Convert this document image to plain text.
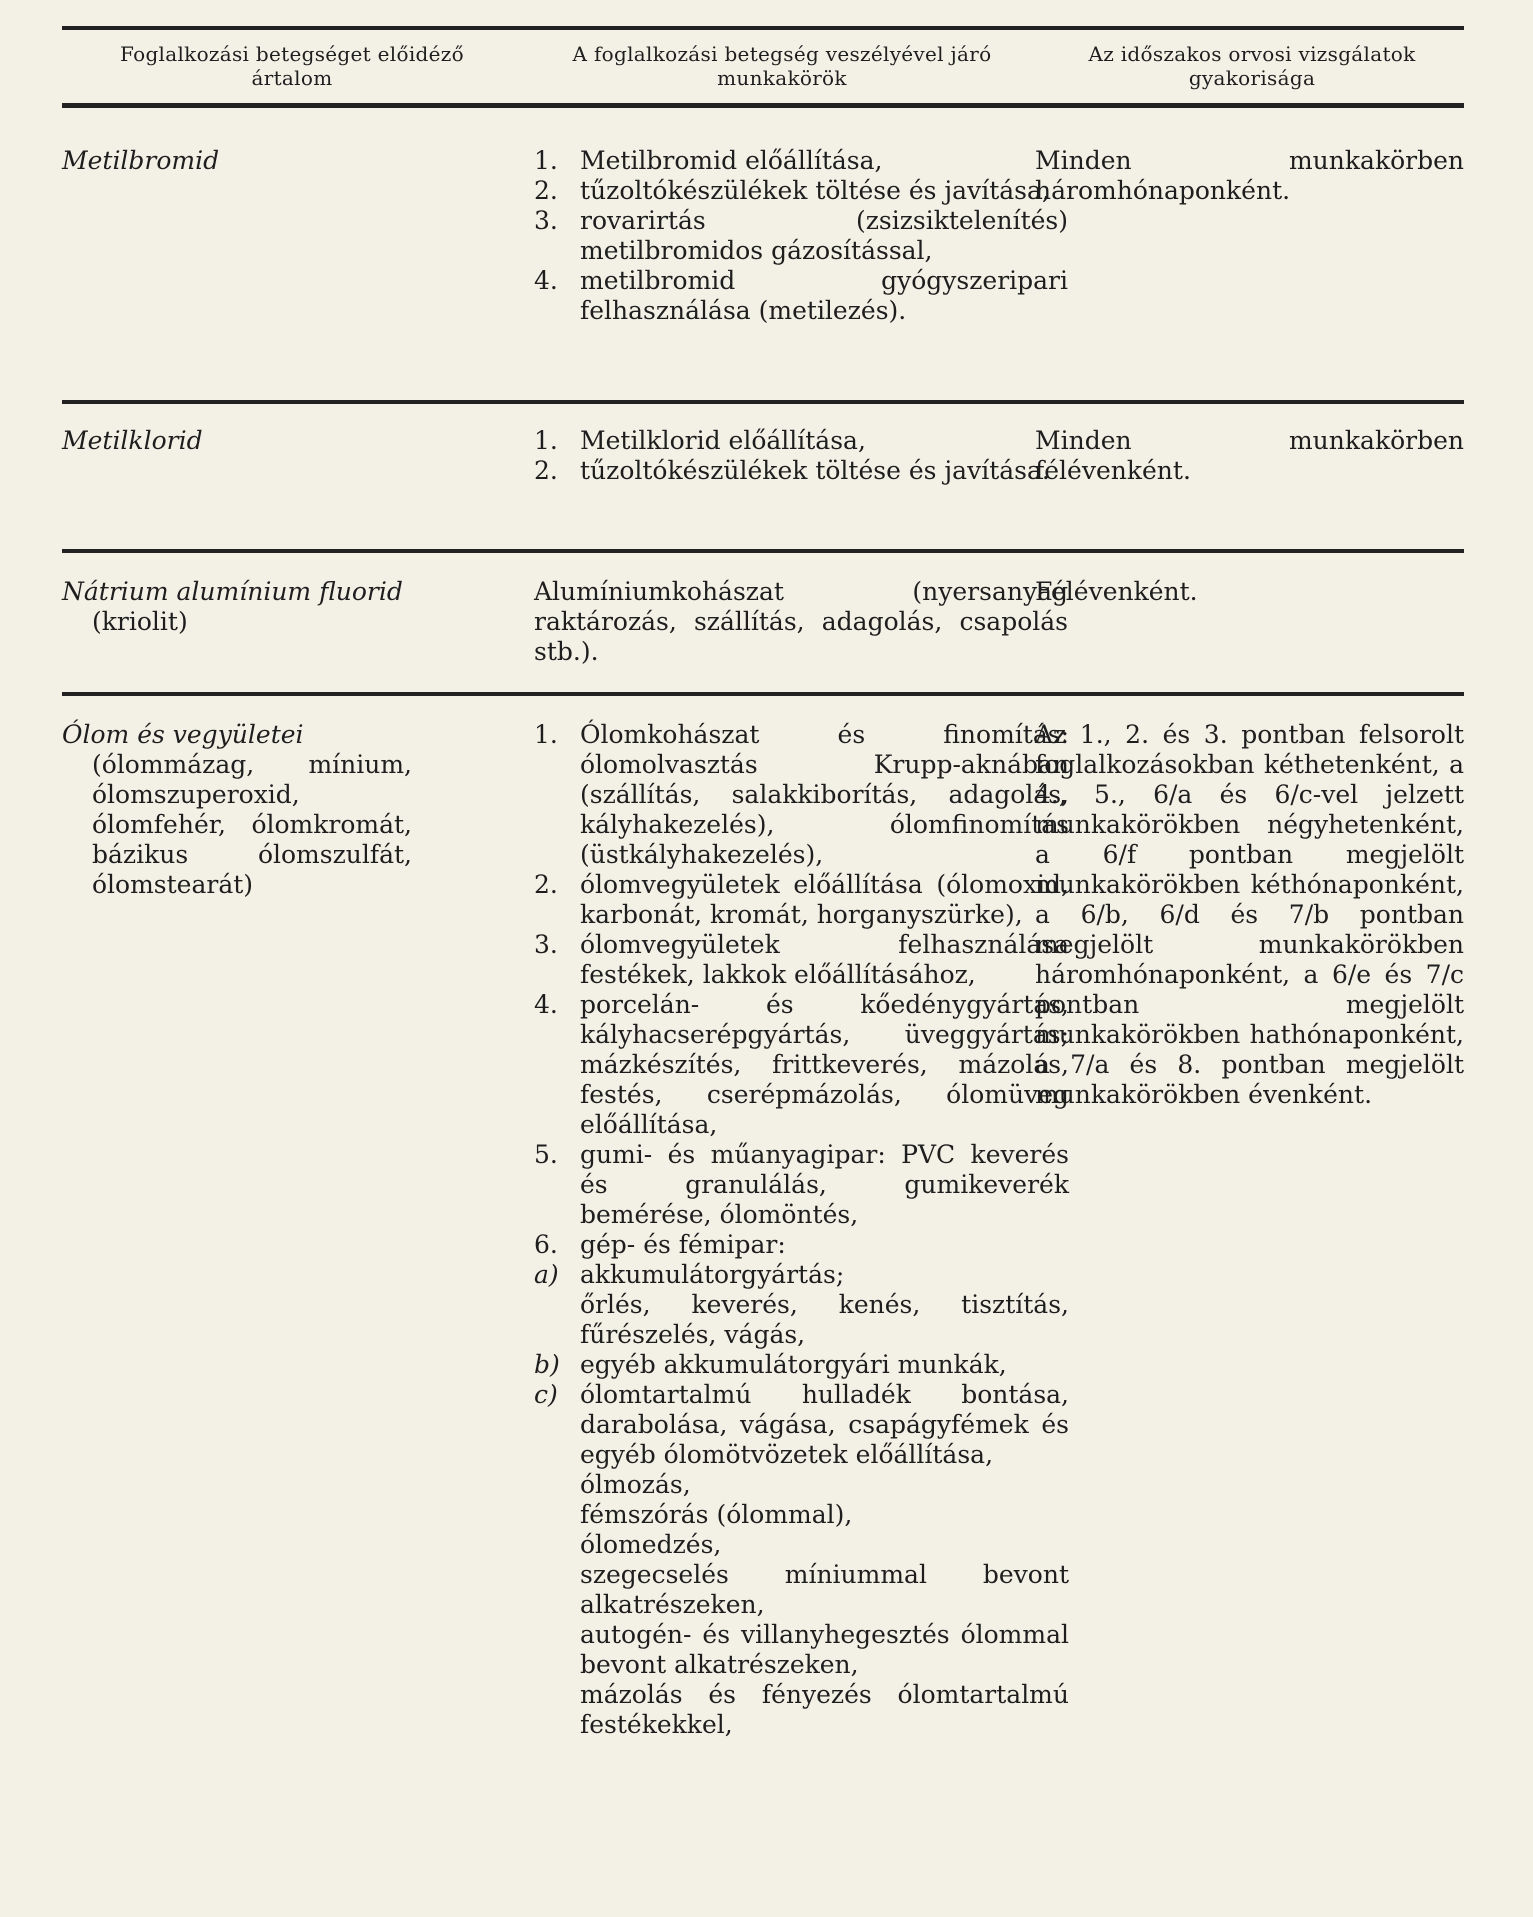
Foglalkozási betegséget előidéző ártalom
A foglalkozási betegség veszélyével járó munkakörök
Az időszakos orvosi vizsgálatok gyakorisága
Metilbromid	1. Metilbromid előállítása,
2. tűzoltókészülékek töltése és javítása,
3. rovarirtás (zsizsiktelenítés) metilbromidos gázosítással,
4. metilbromid gyógyszeripari felhasználása (metilezés).
Minden munkakörben háromhónaponként.
Metilklorid	1. Metilklorid előállítása,
2. tűzoltókészülékek töltése és javítása.
Minden munkakörben félévenként.
Nátrium alumínium fluorid
(kriolit)
Alumíniumkohászat (nyersanyag raktározás, szállítás, adagolás, csapolás stb.).
Félévenként.
Ólom és vegyületei
(ólommázag, mínium, ólomszuperoxid, ólomfehér, ólomkromát, bázikus ólomszulfát, ólomstearát)
1. Ólomkohászat és finomítás: ólomolvasztás Krupp-aknában (szállítás, salakkiborítás, adagolás, kályhakezelés), ólomfinomítás (üstkályhakezelés),
2. ólomvegyületek előállítása (ólomoxid, karbonát, kromát, horganyszürke),
3. ólomvegyületek felhasználása festékek, lakkok előállításához,
4. porcelán- és kőedénygyártás, kályhacserépgyártás, üveggyártás; mázkészítés, frittkeverés, mázolás, festés, cserépmázolás, ólomüveg előállítása,
5. gumi- és műanyagipar: PVC keverés és granulálás, gumikeverék bemérése, ólomöntés,
6. gép- és fémipar:
a) akkumulátorgyártás;
őrlés, keverés, kenés, tisztítás, fűrészelés, vágás,
b) egyéb akkumulátorgyári munkák,
c) ólomtartalmú hulladék bontása, darabolása, vágása, csapágyfémek és egyéb ólomötvözetek előállítása,
ólmozás,
fémszórás (ólommal),
ólomedzés,
szegecselés míniummal bevont alkatrészeken,
autogén- és villanyhegesztés ólommal bevont alkatrészeken,
mázolás és fényezés ólomtartalmú festékekkel,
Az 1., 2. és 3. pontban felsorolt foglalkozásokban kéthetenként, a 4., 5., 6/a és 6/c-vel jelzett munkakörökben négyhetenként, a 6/f pontban megjelölt munkakörökben kéthónaponként, a 6/b, 6/d és 7/b pontban megjelölt munkakörökben háromhónaponként, a 6/e és 7/c pontban megjelölt munkakörökben hathónaponként, a 7/a és 8. pontban megjelölt munkakörökben évenként.
